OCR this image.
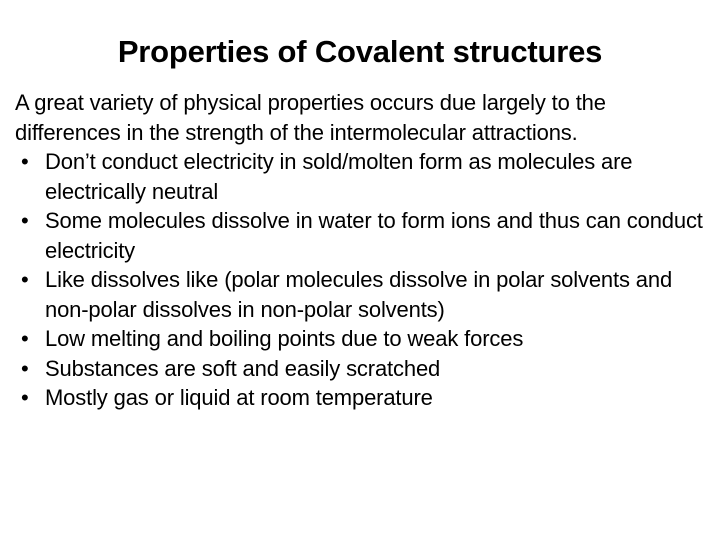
Properties of Covalent structures

A great variety of physical properties occurs due largely to the differences in the strength of the intermolecular attractions.

• Don’t conduct electricity in sold/molten form as molecules are electrically neutral
• Some molecules dissolve in water to form ions and thus can conduct electricity
• Like dissolves like (polar molecules dissolve in polar solvents and non-polar dissolves in non-polar solvents)
• Low melting and boiling points due to weak forces
• Substances are soft and easily scratched
• Mostly gas or liquid at room temperature
